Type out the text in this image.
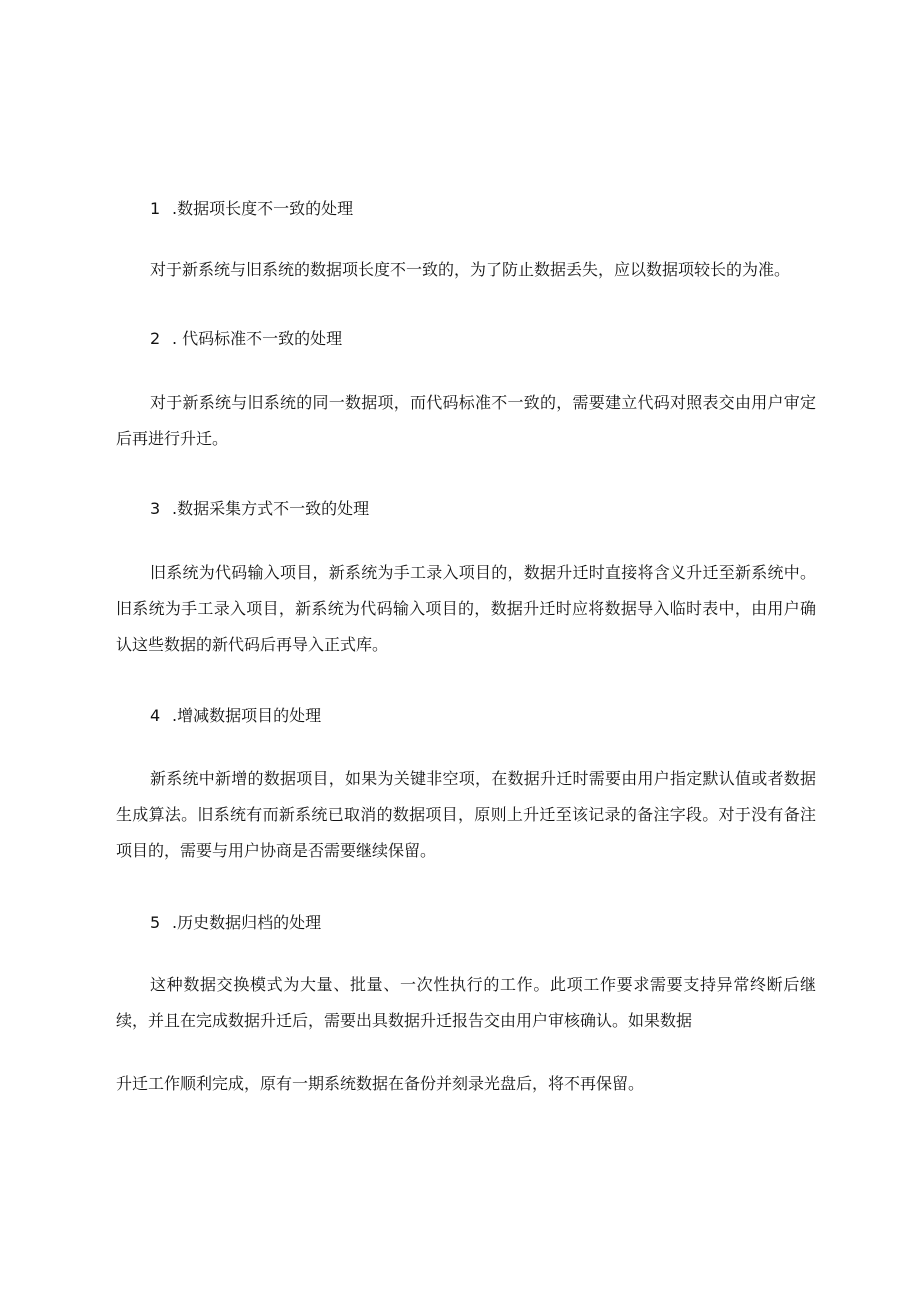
1 .数据项长度不一致的处理
对于新系统与旧系统的数据项长度不一致的，为了防止数据丢失，应以数据项较长的为准。
2 . 代码标准不一致的处理
对于新系统与旧系统的同一数据项，而代码标准不一致的，需要建立代码对照表交由用户审定后再进行升迁。
3 .数据采集方式不一致的处理
旧系统为代码输入项目，新系统为手工录入项目的，数据升迁时直接将含义升迁至新系统中。旧系统为手工录入项目，新系统为代码输入项目的，数据升迁时应将数据导入临时表中，由用户确认这些数据的新代码后再导入正式库。
4 .增减数据项目的处理
新系统中新增的数据项目，如果为关键非空项，在数据升迁时需要由用户指定默认值或者数据生成算法。旧系统有而新系统已取消的数据项目，原则上升迁至该记录的备注字段。对于没有备注项目的，需要与用户协商是否需要继续保留。
5 .历史数据归档的处理
这种数据交换模式为大量、批量、一次性执行的工作。此项工作要求需要支持异常终断后继续，并且在完成数据升迁后，需要出具数据升迁报告交由用户审核确认。如果数据
升迁工作顺利完成，原有一期系统数据在备份并刻录光盘后，将不再保留。
